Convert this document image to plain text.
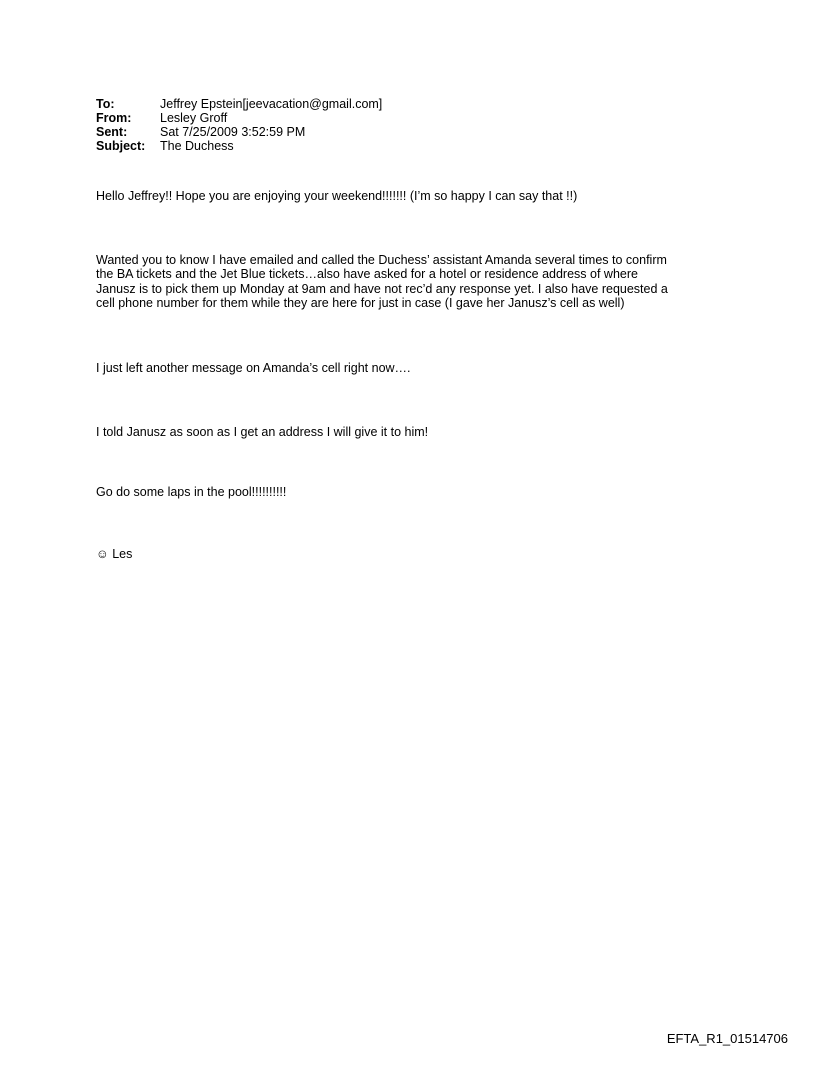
To:	Jeffrey Epstein[jeevacation@gmail.com]
From:	Lesley Groff
Sent:	Sat 7/25/2009 3:52:59 PM
Subject:	The Duchess

Hello Jeffrey!! Hope you are enjoying your weekend!!!!!!! (I’m so happy I can say that !!)

Wanted you to know I have emailed and called the Duchess’ assistant Amanda several times to confirm
the BA tickets and the Jet Blue tickets…also have asked for a hotel or residence address of where
Janusz is to pick them up Monday at 9am and have not rec’d any response yet. I also have requested a
cell phone number for them while they are here for just in case (I gave her Janusz’s cell as well)

I just left another message on Amanda’s cell right now….

I told Janusz as soon as I get an address I will give it to him!

Go do some laps in the pool!!!!!!!!!!

☺ Les

EFTA_R1_01514706
